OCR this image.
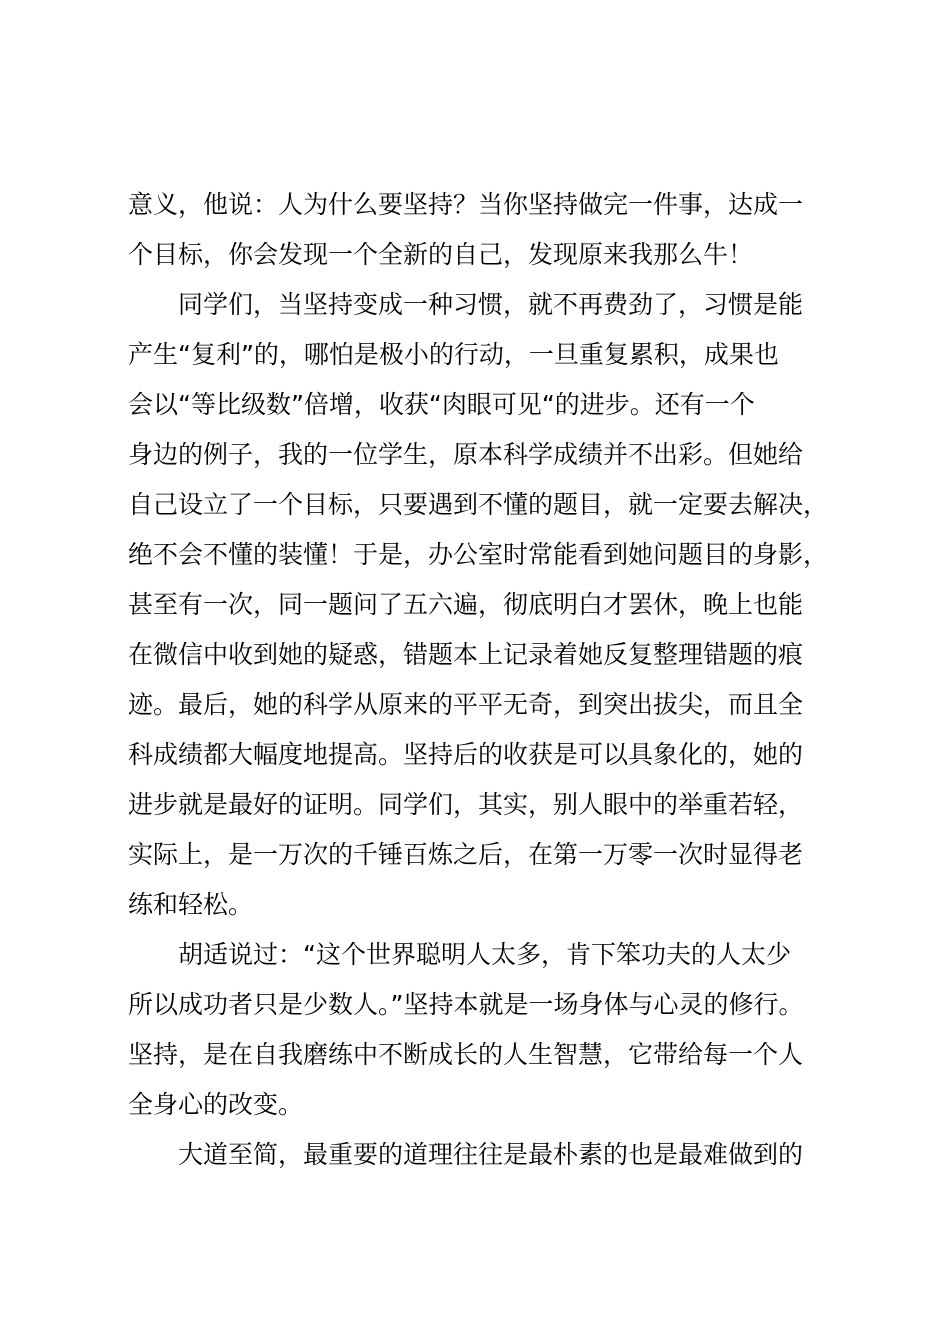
意义，他说：人为什么要坚持？当你坚持做完一件事，达成一
个目标，你会发现一个全新的自己，发现原来我那么牛！
同学们，当坚持变成一种习惯，就不再费劲了，习惯是能
产生“复利”的，哪怕是极小的行动，一旦重复累积，成果也
会以“等比级数”倍增，收获“肉眼可见“的进步。还有一个
身边的例子，我的一位学生，原本科学成绩并不出彩。但她给
自己设立了一个目标，只要遇到不懂的题目，就一定要去解决，
绝不会不懂的装懂！于是，办公室时常能看到她问题目的身影，
甚至有一次，同一题问了五六遍，彻底明白才罢休，晚上也能
在微信中收到她的疑惑，错题本上记录着她反复整理错题的痕
迹。最后，她的科学从原来的平平无奇，到突出拔尖，而且全
科成绩都大幅度地提高。坚持后的收获是可以具象化的，她的
进步就是最好的证明。同学们，其实，别人眼中的举重若轻，
实际上，是一万次的千锤百炼之后，在第一万零一次时显得老
练和轻松。
胡适说过：“这个世界聪明人太多，肯下笨功夫的人太少
所以成功者只是少数人。”坚持本就是一场身体与心灵的修行。
坚持，是在自我磨练中不断成长的人生智慧，它带给每一个人
全身心的改变。
大道至简，最重要的道理往往是最朴素的也是最难做到的
